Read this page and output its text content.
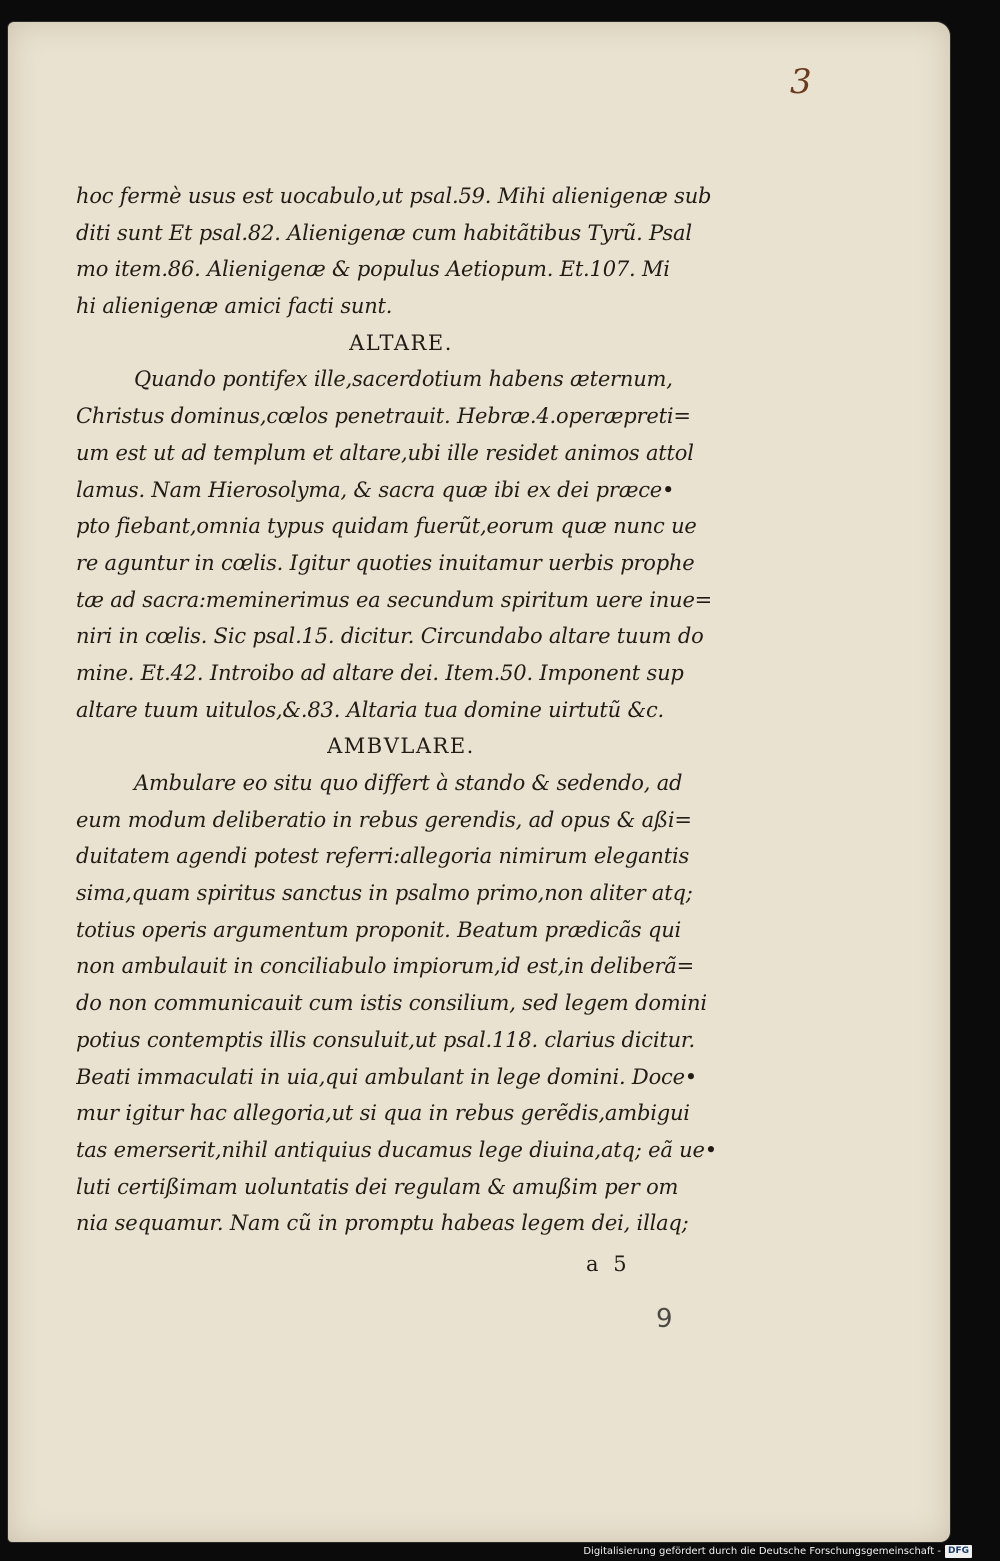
3
hoc fermè usus est uocabulo,ut psal.59. Mihi alienigenæ sub
diti sunt Et psal.82. Alienigenæ cum habitãtibus Tyrũ. Psal
mo item.86. Alienigenæ & populus Aetiopum. Et.107. Mi
hi alienigenæ amici facti sunt.
ALTARE.
Quando pontifex ille,sacerdotium habens æternum,
Christus dominus,cœlos penetrauit. Hebræ.4.operæpreti=
um est ut ad templum et altare,ubi ille residet animos attol
lamus. Nam Hierosolyma, & sacra quæ ibi ex dei præce•
pto fiebant,omnia typus quidam fuerũt,eorum quæ nunc ue
re aguntur in cœlis. Igitur quoties inuitamur uerbis prophe
tæ ad sacra:meminerimus ea secundum spiritum uere inue=
niri in cœlis. Sic psal.15. dicitur. Circundabo altare tuum do
mine. Et.42. Introibo ad altare dei. Item.50. Imponent sup
altare tuum uitulos,&.83. Altaria tua domine uirtutũ &c.
AMBVLARE.
Ambulare eo situ quo differt à stando & sedendo, ad
eum modum deliberatio in rebus gerendis, ad opus & aßi=
duitatem agendi potest referri:allegoria nimirum elegantis
sima,quam spiritus sanctus in psalmo primo,non aliter atq;
totius operis argumentum proponit. Beatum prædicãs qui
non ambulauit in conciliabulo impiorum,id est,in deliberã=
do non communicauit cum istis consilium, sed legem domini
potius contemptis illis consuluit,ut psal.118. clarius dicitur.
Beati immaculati in uia,qui ambulant in lege domini. Doce•
mur igitur hac allegoria,ut si qua in rebus gerẽdis,ambigui
tas emerserit,nihil antiquius ducamus lege diuina,atq; eã ue•
luti certißimam uoluntatis dei regulam & amußim per om
nia sequamur. Nam cũ in promptu habeas legem dei, illaq;
a 5
9
Digitalisierung gefördert durch die Deutsche Forschungsgemeinschaft - DFG
